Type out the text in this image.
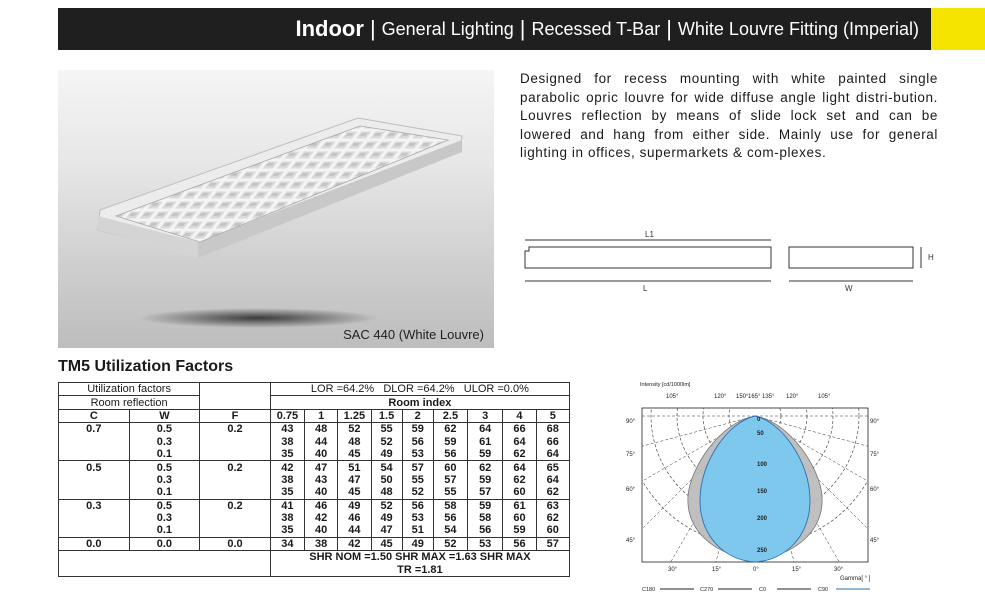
Indoor | General Lighting | Recessed T-Bar | White Louvre Fitting (Imperial)
SAC 440 (White Louvre)
Designed for recess mounting with white painted single parabolic opric louvre for wide diffuse angle light distri-bution. Louvres reflection by means of slide lock set and can be lowered and hang from either side. Mainly use for general lighting in offices, supermarkets & com-plexes.
L1
L	W
H
TM5 Utilization Factors
Utilization factors			LOR =64.2% DLOR =64.2% ULOR =0.0%								
Room reflection			Room index								
C	W	F	0.75	1	1.25	1.5	2	2.5	3	4	5
0.7	0.5	0.2	43	48	52	55	59	62	64	66	68
	0.3		38	44	48	52	56	59	61	64	66
	0.1		35	40	45	49	53	56	59	62	64
0.5	0.5	0.2	42	47	51	54	57	60	62	64	65
	0.3		38	43	47	50	55	57	59	62	64
	0.1		35	40	45	48	52	55	57	60	62
0.3	0.5	0.2	41	46	49	52	56	58	59	61	63
	0.3		38	42	46	49	53	56	58	60	62
	0.1		35	40	44	47	51	54	56	59	60
0.0	0.0	0.0	34	38	42	45	49	52	53	56	57
			SHR NOM =1.50 SHR MAX =1.63 SHR MAX								
			TR =1.81								
Intensity [cd/1000lm]
105°	120° 150° 165° 135° 120°	105°
90°	90°
75°	75°
60°	60°
45°	45°
30°	15°	0°	15°	30°
0
50
100
150
200
250
Gamma[ ° ]
C180	C270	C0	C90
